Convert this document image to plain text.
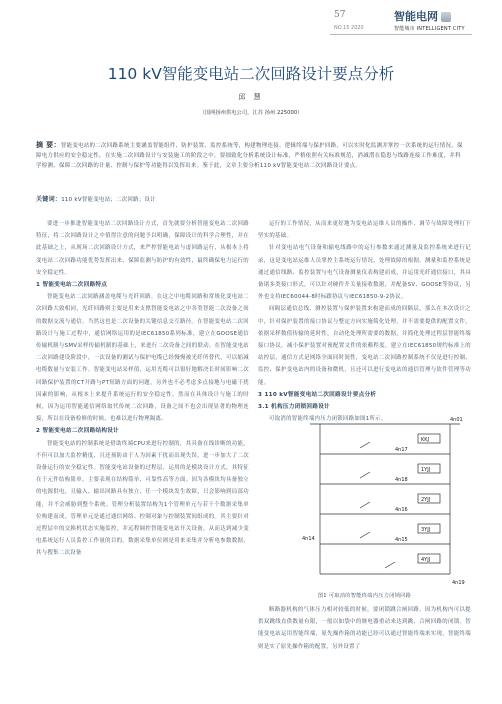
57	智能电网
NO.15 2020	智能城市 INTELLIGENT CITY
110 kV智能变电站二次回路设计要点分析
邱 慧
（国网扬州供电公司，江苏 扬州 225000）
摘 要：智能变电站的二次回路系统主要涵盖智能组件、防护装置、监控系统等，构建物理连接、逻辑终端与保护回路，可以实时化监测并掌控一次系统的运行情况，保障电力供应的安全稳定性。在实施二次回路设计与安装施工的阶段之中，要细致化分析系统设计标准，严格依照有关标准规范，消减潜在隐患与线路连接工作难度，并科学检测、保障二次回路的计量、控制与保护等功能得以发挥出来。鉴于此，文章主要分析110 kV智能变电站二次回路设计要点。
关键词：110 kV智能变电站；二次回路；设计

要进一步推进智能变电站二次回路设计方式，首先就要分析智能变电站二次回路特征，将二次回路设计之中值得注意的问题予以明确，保障设计的科学合理性，并在此基础之上，从现场二次回路设计方式，来严控智能电站与虚回路运行，从根本上将变电站二次回路功能优势发挥出来，保障监测与防护的有效性，最终确保电力运行的安全稳定性。

1 智能变电站二次回路特点

智能变电站二次回路涵盖电缆与光纤回路。在这之中电缆回路和常规化变电站二次回路大致相同，光纤回路则主要是用来支撑智能变电站之中各类智能二次设备之间的数据交流与通信。当然这也是二次设备的关键信息交互路径。在智能变电站二次回路设计与施工过程中，通信网络运用的是IEC61850系列标准，建立在GOOSE通信传输机制与SMV采样传输机制的基础上，来进行二次设备之间的联动。在智能变电站二次回路建设阶段中，一次设备的测试与保护电缆已经慢慢被光纤所替代，可以缩减电缆数量与安装工作。智能变电站采样值，运用光缆可以很好地解决长时间影响二次回路保护装置的CT开路与PT短路方面的问题，另外也不必考虑多点接地与电磁干扰因素的影响，从根本上来提升系统运行的安全稳定性。然而在具体设计与施工的时候，因为运用智能通信网络取代传统二次回路，设备之间不也会出现显著的物理连接，所以在设备检修的时候，也难以进行物理隔离。

2 智能变电站二次回路结构设计

智能变电站的控制系统是借助终端CPU来进行控制的，其具备在线诊断的功能，不但可以加大监控精度，且还预防由于人为因素干扰而出现失误，进一步加大了二次设备运行的安全稳定性。智能变电站设备的过程层，运用的是模块设计方式，其特征在于元件结构简单，主要表现在结构简单、可靠性高等方面。因为各模块均具备独立的电源供电，且输入、输出回路具有独立、任一个模块发生故障，只会影响到局部功能，并不会威胁到整个系统。管理分析装置结构为1个管理单元与若干个数据采集单位构建而成。管理单元是通过通信网络、控制对象与控制装置间组成的。其主要针对过程层中的交换机状态实施监控，并远程调控智能变电站开关设备，从而达到减少变电系统运行人员监控工作量的目的。数据采集单位则是用来采集并分析电参数数据，其与搜集二次设备

运行的工作情况，从而来更好地为变电站运维人员的操作、调节与故障处理打下坚实的基础。

针对变电站电气设备和输电线路中的运行参数来通过测量及监控系统来进行记录，这是变电站运维人员掌控主系统运行情况、处理故障的根据。测量和监控系统是通过通信线路、监控装置与电气设备测量仪表构建而成，并运用光纤通信接口，其具备诸多类接口形式，可以针对硬件开关量接收数据，并配备SV、GOOSE等协议，另外也支持IEC60044-8时标跟协议与IEC61850-9-2协议。

间隔层通信总线、测控装置与保护装置来构建而成的间隔层，那么在本次设计之中，针对保护装置的接口协议与整定方向实施简化处理，并不需要提供的配置文件，依据采样数值传输的延时性，自动化处理所需要的数据，并简化处理过程层智能终端接口协议，减小保护装置对预配置文件的依赖程度。建立在IEC61850规约标准上的站控层，通信方式是网络全面同时间性，变电站二次回路控制系统不仅是进行控制、监控、保护变电站内的设备和微机，且还可以进行变电站的通信管理与软件管理等功能。

3 110 kV智能变电站二次回路设计要点分析

3.1 机构压力闭锁回路设计

可取消的智能终端内压力闭锁回路如图1所示。	4n01
KKJ
1YJJ
2YJJ
3YJJ
4YJJ
4n14
4n17
4n18
4n16
4n15
4n19
图1 可取消的智能终端内压力闭锁回路

断路器机构的气体压力相对较低的时候，要闭锁跳合闸回路。因为机构内可以提供双跳线直供数量有限，一般以如袋中的继电器重动来达到跳、合闸回路的闭锁。智能变电站运用智能终端，原先操作箱的功能已经可以通过智能终端来实现，智能终端则是实了原先操作箱的配置，另外设置了
